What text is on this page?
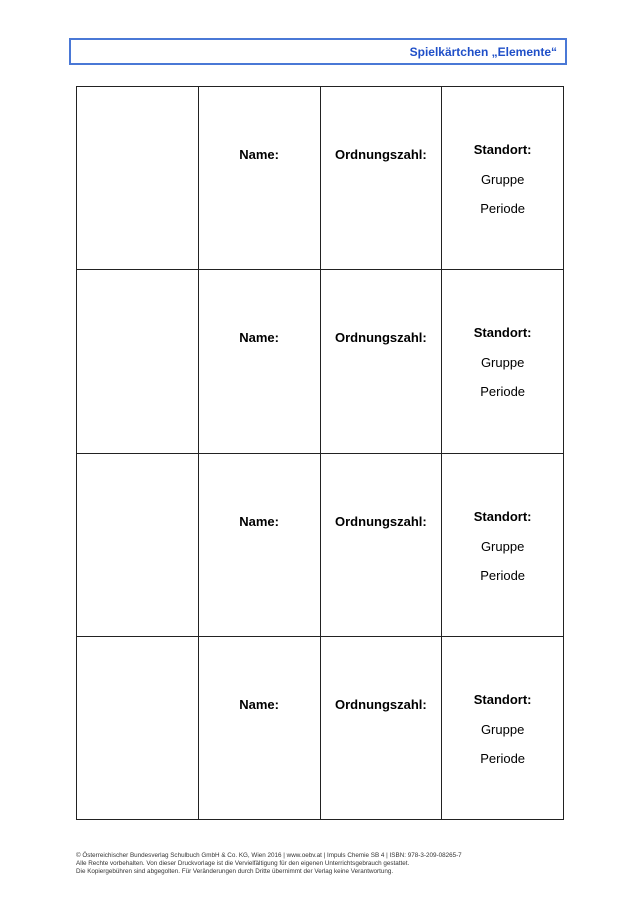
Spielkärtchen „Elemente“

	Name:	Ordnungszahl:	Standort:
Gruppe
Periode

	Name:	Ordnungszahl:	Standort:
Gruppe
Periode

	Name:	Ordnungszahl:	Standort:
Gruppe
Periode

	Name:	Ordnungszahl:	Standort:
Gruppe
Periode
© Österreichischer Bundesverlag Schulbuch GmbH & Co. KG, Wien 2016 | www.oebv.at | Impuls Chemie SB 4 | ISBN: 978-3-209-08265-7
Alle Rechte vorbehalten. Von dieser Druckvorlage ist die Vervielfältigung für den eigenen Unterrichtsgebrauch gestattet.
Die Kopiergebühren sind abgegolten. Für Veränderungen durch Dritte übernimmt der Verlag keine Verantwortung.
